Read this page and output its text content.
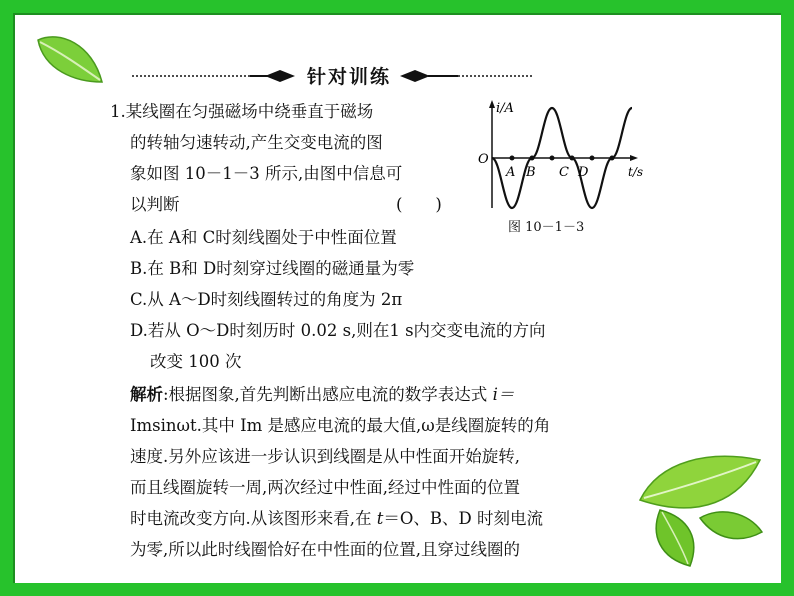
针对训练
1.某线圈在匀强磁场中绕垂直于磁场
的转轴匀速转动,产生交变电流的图
象如图 10－1－3 所示,由图中信息可
以判断	(　　)
A.在 A和 C时刻线圈处于中性面位置
B.在 B和 D时刻穿过线圈的磁通量为零
C.从 A～D时刻线圈转过的角度为 2π
D.若从 O～D时刻历时 0.02 s,则在1 s内交变电流的方向
改变 100 次
解析:根据图象,首先判断出感应电流的数学表达式 i＝
Imsinωt.其中 Im 是感应电流的最大值,ω是线圈旋转的角
速度.另外应该进一步认识到线圈是从中性面开始旋转,
而且线圈旋转一周,两次经过中性面,经过中性面的位置
时电流改变方向.从该图形来看,在 t＝O、B、D 时刻电流
为零,所以此时线圈恰好在中性面的位置,且穿过线圈的
i/A
O
t/s
A B C D
图 10－1－3
